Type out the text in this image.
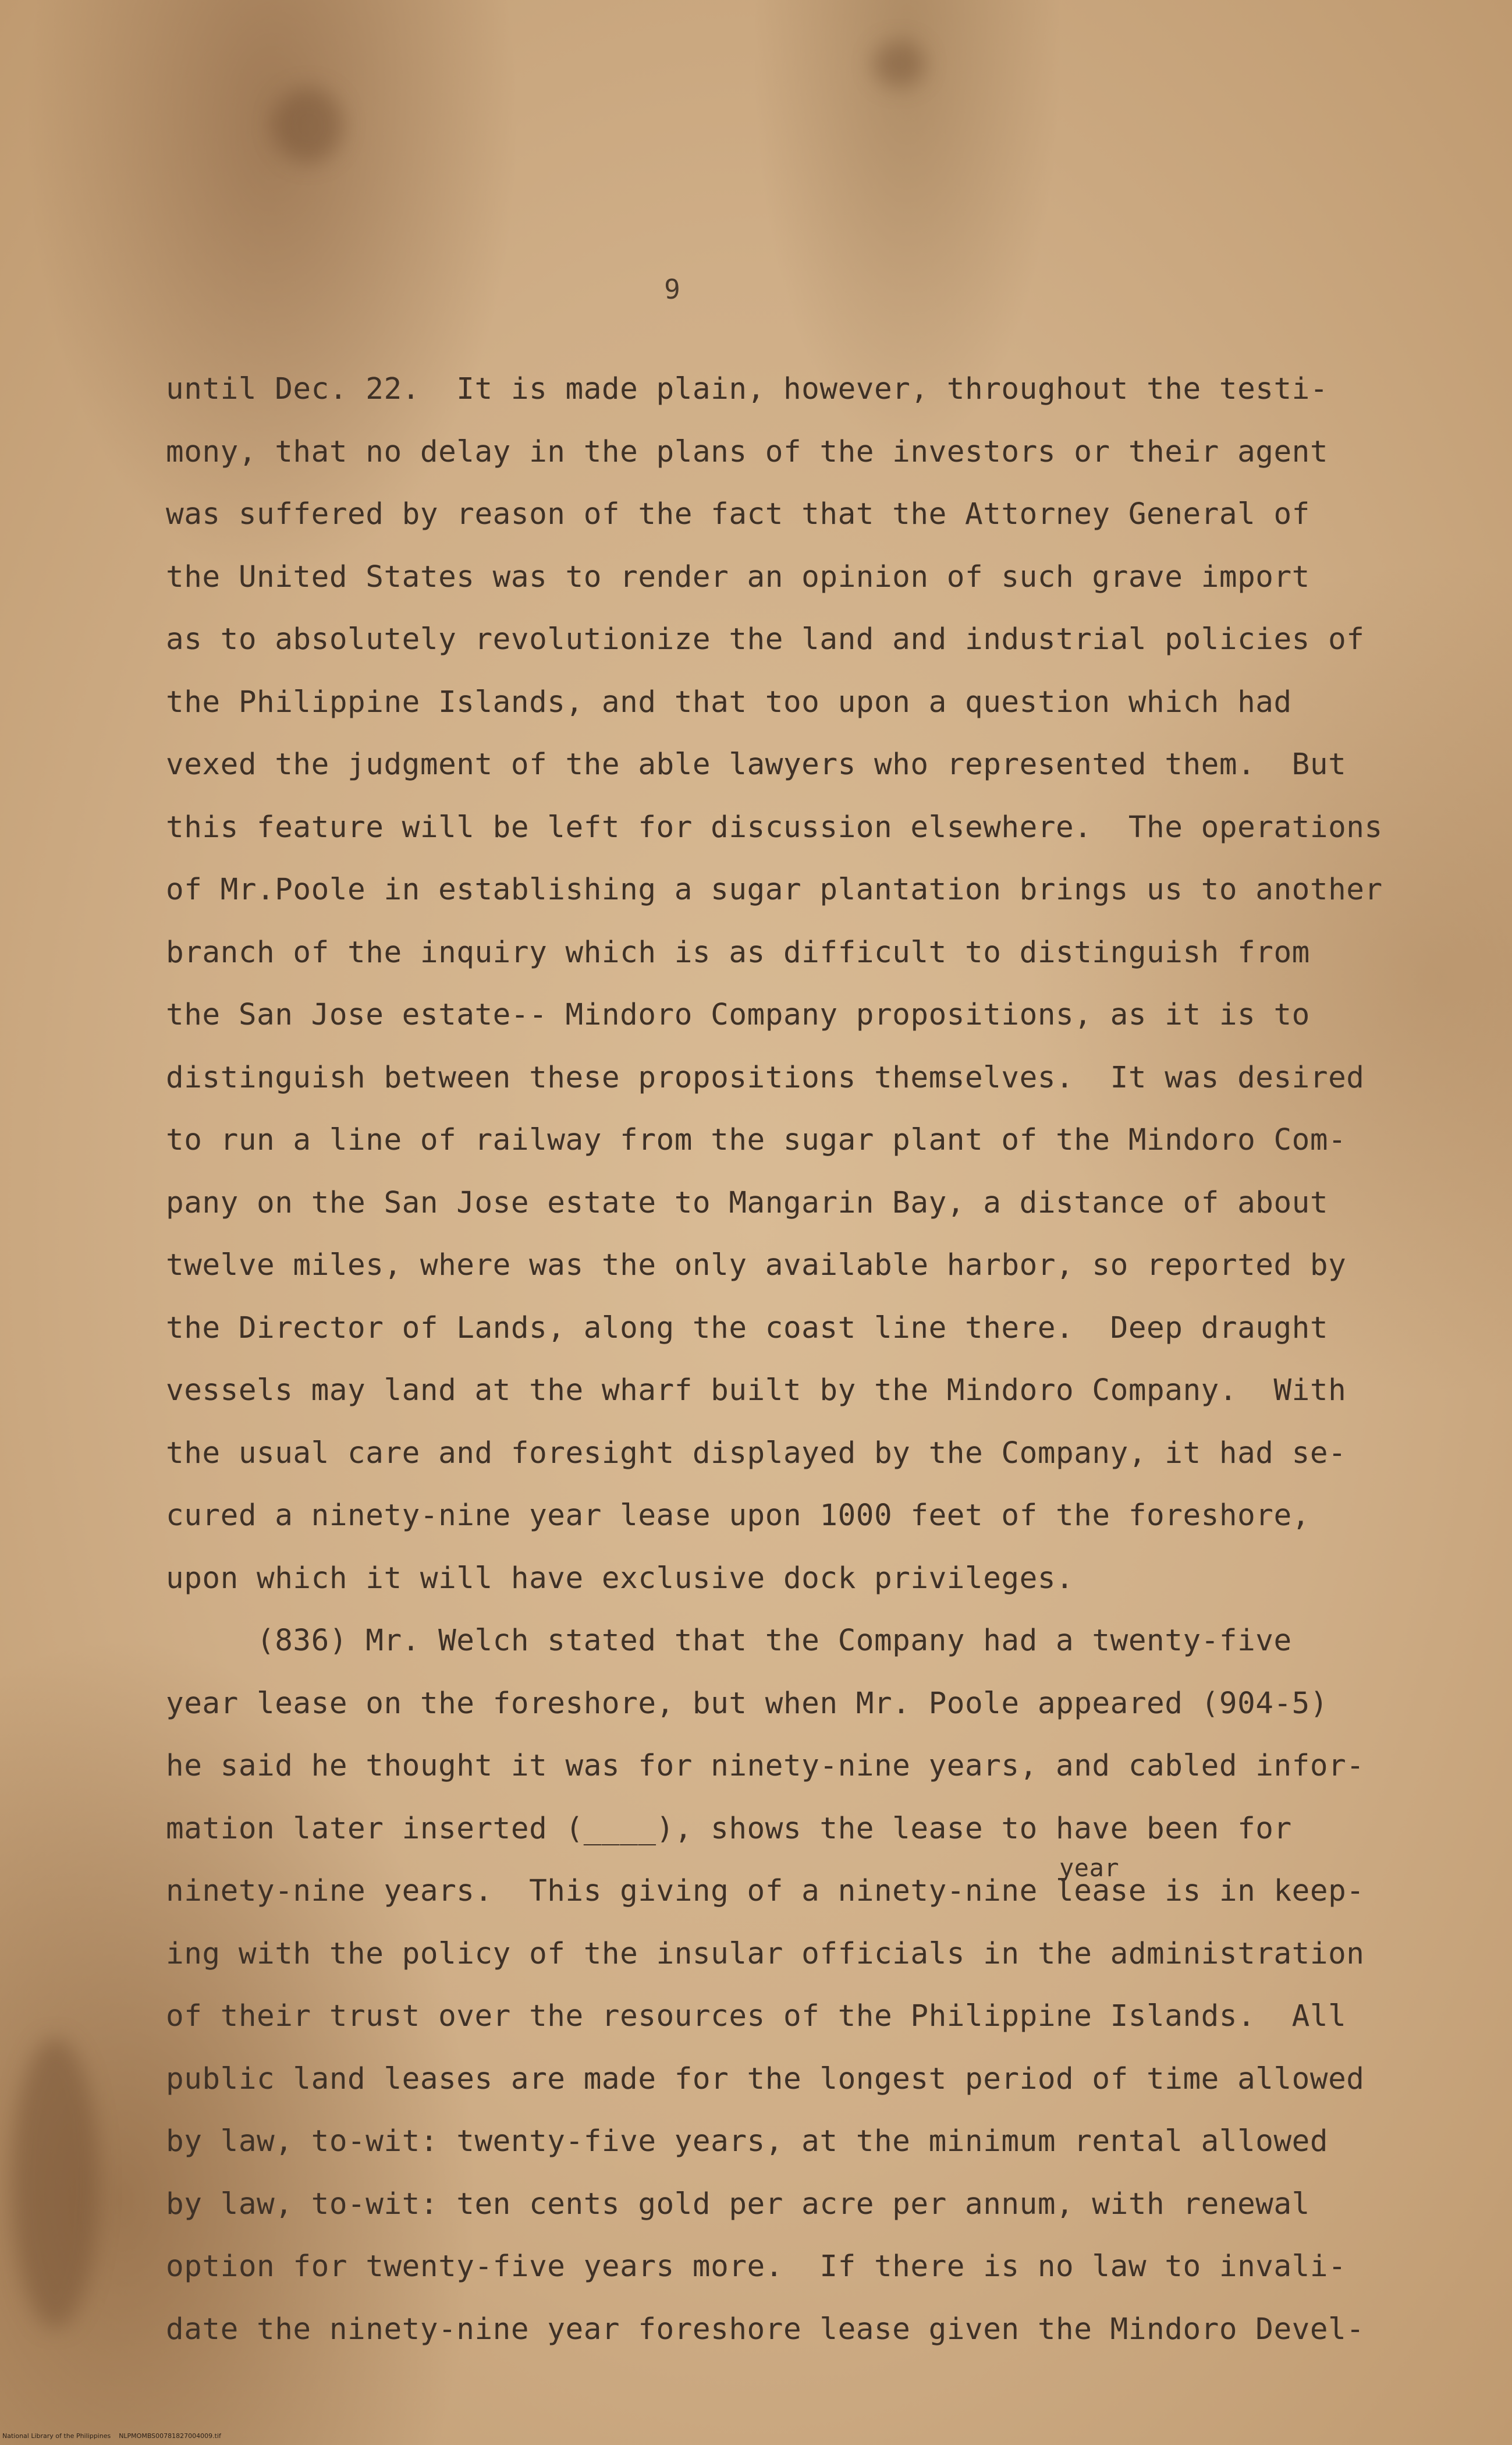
9
until Dec. 22.  It is made plain, however, throughout the testi-
mony, that no delay in the plans of the investors or their agent
was suffered by reason of the fact that the Attorney General of
the United States was to render an opinion of such grave import
as to absolutely revolutionize the land and industrial policies of
the Philippine Islands, and that too upon a question which had
vexed the judgment of the able lawyers who represented them.  But
this feature will be left for discussion elsewhere.  The operations
of Mr.Poole in establishing a sugar plantation brings us to another
branch of the inquiry which is as difficult to distinguish from
the San Jose estate-- Mindoro Company propositions, as it is to
distinguish between these propositions themselves.  It was desired
to run a line of railway from the sugar plant of the Mindoro Com-
pany on the San Jose estate to Mangarin Bay, a distance of about
twelve miles, where was the only available harbor, so reported by
the Director of Lands, along the coast line there.  Deep draught
vessels may land at the wharf built by the Mindoro Company.  With
the usual care and foresight displayed by the Company, it had se-
cured a ninety-nine year lease upon 1000 feet of the foreshore,
upon which it will have exclusive dock privileges.
(836) Mr. Welch stated that the Company had a twenty-five
year lease on the foreshore, but when Mr. Poole appeared (904-5)
he said he thought it was for ninety-nine years, and cabled infor-
mation later inserted (____), shows the lease to have been for

year

ninety-nine years.  This giving of a ninety-nine lease is in keep-
ing with the policy of the insular officials in the administration
of their trust over the resources of the Philippine Islands.  All
public land leases are made for the longest period of time allowed
by law, to-wit: twenty-five years, at the minimum rental allowed
by law, to-wit: ten cents gold per acre per annum, with renewal
option for twenty-five years more.  If there is no law to invali-
date the ninety-nine year foreshore lease given the Mindoro Devel-
National Library of the Philippines    NLPMOMBS00781827004009.tif
